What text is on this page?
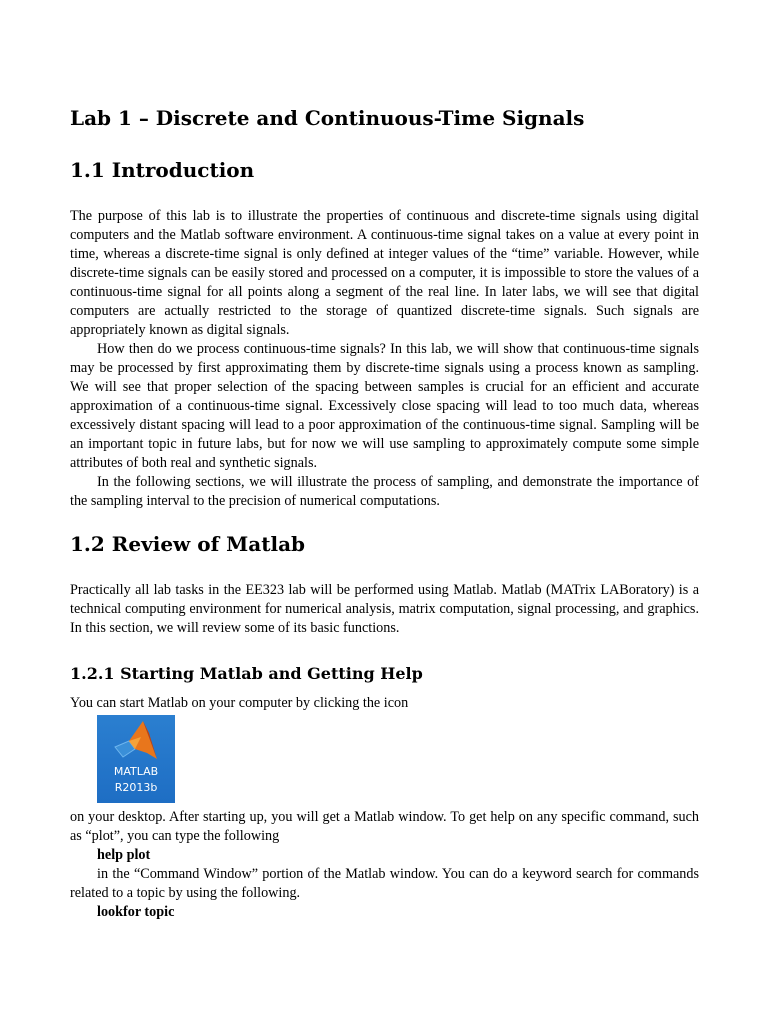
Lab 1 – Discrete and Continuous-Time Signals
1.1 Introduction

The purpose of this lab is to illustrate the properties of continuous and discrete-time signals using digital computers and the Matlab software environment. A continuous-time signal takes on a value at every point in time, whereas a discrete-time signal is only defined at integer values of the “time” variable. However, while discrete-time signals can be easily stored and processed on a computer, it is impossible to store the values of a continuous-time signal for all points along a segment of the real line. In later labs, we will see that digital computers are actually restricted to the storage of quantized discrete-time signals. Such signals are appropriately known as digital signals.

How then do we process continuous-time signals? In this lab, we will show that continuous-time signals may be processed by first approximating them by discrete-time signals using a process known as sampling. We will see that proper selection of the spacing between samples is crucial for an efficient and accurate approximation of a continuous-time signal. Excessively close spacing will lead to too much data, whereas excessively distant spacing will lead to a poor approximation of the continuous-time signal. Sampling will be an important topic in future labs, but for now we will use sampling to approximately compute some simple attributes of both real and synthetic signals.

In the following sections, we will illustrate the process of sampling, and demonstrate the importance of the sampling interval to the precision of numerical computations.

1.2 Review of Matlab

Practically all lab tasks in the EE323 lab will be performed using Matlab. Matlab (MATrix LABoratory) is a technical computing environment for numerical analysis, matrix computation, signal processing, and graphics. In this section, we will review some of its basic functions.

1.2.1 Starting Matlab and Getting Help

You can start Matlab on your computer by clicking the icon

MATLAB
R2013b

on your desktop. After starting up, you will get a Matlab window. To get help on any specific command, such as “plot”, you can type the following

help plot

in the “Command Window” portion of the Matlab window. You can do a keyword search for commands related to a topic by using the following.

lookfor topic
